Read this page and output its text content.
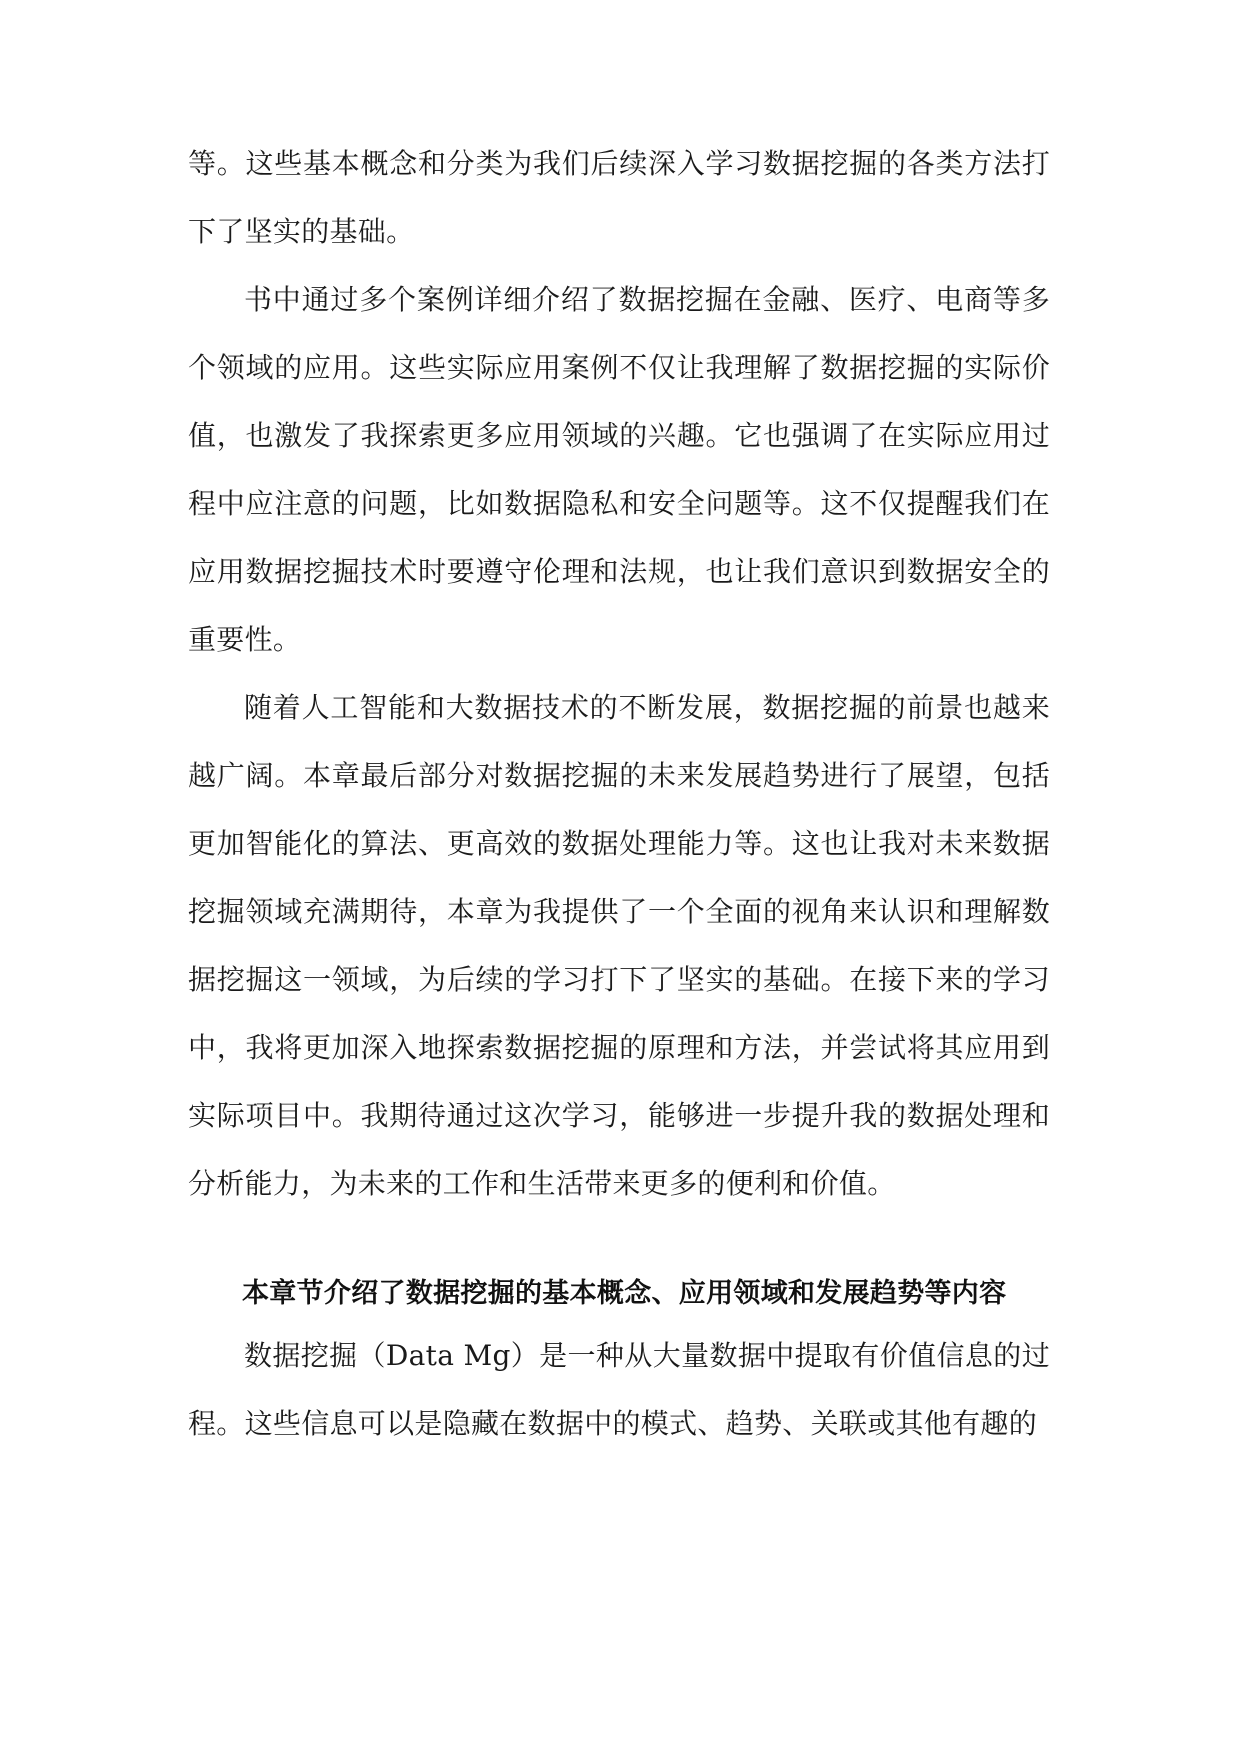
等。这些基本概念和分类为我们后续深入学习数据挖掘的各类方法打下了坚实的基础。

书中通过多个案例详细介绍了数据挖掘在金融、医疗、电商等多个领域的应用。这些实际应用案例不仅让我理解了数据挖掘的实际价值，也激发了我探索更多应用领域的兴趣。它也强调了在实际应用过程中应注意的问题，比如数据隐私和安全问题等。这不仅提醒我们在应用数据挖掘技术时要遵守伦理和法规，也让我们意识到数据安全的重要性。

随着人工智能和大数据技术的不断发展，数据挖掘的前景也越来越广阔。本章最后部分对数据挖掘的未来发展趋势进行了展望，包括更加智能化的算法、更高效的数据处理能力等。这也让我对未来数据挖掘领域充满期待，本章为我提供了一个全面的视角来认识和理解数据挖掘这一领域，为后续的学习打下了坚实的基础。在接下来的学习中，我将更加深入地探索数据挖掘的原理和方法，并尝试将其应用到实际项目中。我期待通过这次学习，能够进一步提升我的数据处理和分析能力，为未来的工作和生活带来更多的便利和价值。

本章节介绍了数据挖掘的基本概念、应用领域和发展趋势等内容

数据挖掘（Data Mg）是一种从大量数据中提取有价值信息的过程。这些信息可以是隐藏在数据中的模式、趋势、关联或其他有趣的
